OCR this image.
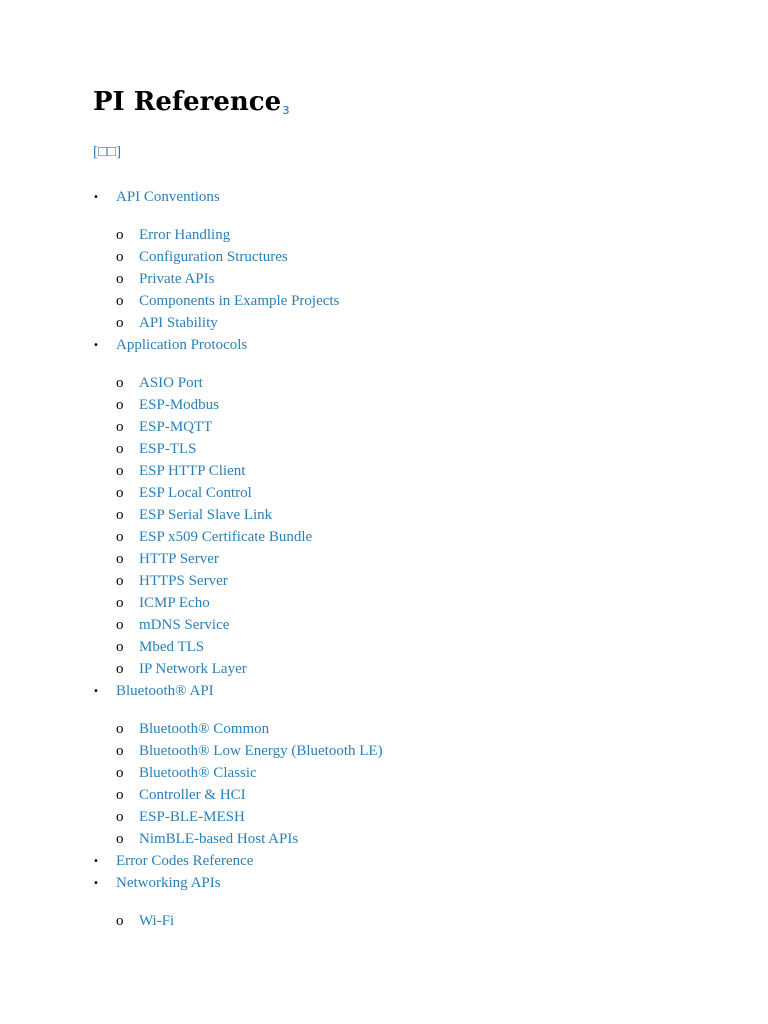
PI Referenceɜ
[□□]
• API Conventions
o Error Handling
o Configuration Structures
o Private APIs
o Components in Example Projects
o API Stability
• Application Protocols
o ASIO Port
o ESP-Modbus
o ESP-MQTT
o ESP-TLS
o ESP HTTP Client
o ESP Local Control
o ESP Serial Slave Link
o ESP x509 Certificate Bundle
o HTTP Server
o HTTPS Server
o ICMP Echo
o mDNS Service
o Mbed TLS
o IP Network Layer
• Bluetooth® API
o Bluetooth® Common
o Bluetooth® Low Energy (Bluetooth LE)
o Bluetooth® Classic
o Controller & HCI
o ESP-BLE-MESH
o NimBLE-based Host APIs
• Error Codes Reference
• Networking APIs
o Wi-Fi
